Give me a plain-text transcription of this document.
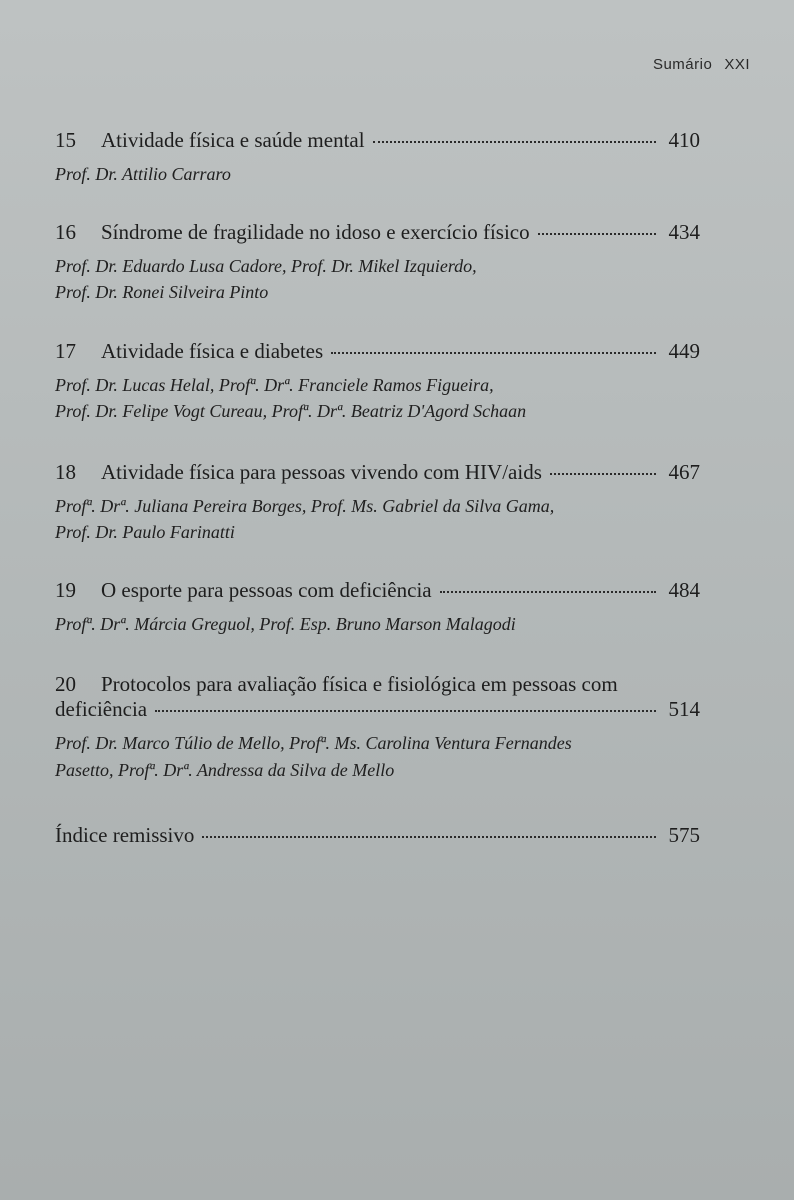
Sumário XXI
15	Atividade física e saúde mental	410
Prof. Dr. Attilio Carraro
16	Síndrome de fragilidade no idoso e exercício físico	434
Prof. Dr. Eduardo Lusa Cadore, Prof. Dr. Mikel Izquierdo,
Prof. Dr. Ronei Silveira Pinto
17	Atividade física e diabetes	449
Prof. Dr. Lucas Helal, Profª. Drª. Franciele Ramos Figueira,
Prof. Dr. Felipe Vogt Cureau, Profª. Drª. Beatriz D'Agord Schaan
18	Atividade física para pessoas vivendo com HIV/aids	467
Profª. Drª. Juliana Pereira Borges, Prof. Ms. Gabriel da Silva Gama,
Prof. Dr. Paulo Farinatti
19	O esporte para pessoas com deficiência	484
Profª. Drª. Márcia Greguol, Prof. Esp. Bruno Marson Malagodi
20	Protocolos para avaliação física e fisiológica em pessoas com
deficiência	514
Prof. Dr. Marco Túlio de Mello, Profª. Ms. Carolina Ventura Fernandes
Pasetto, Profª. Drª. Andressa da Silva de Mello
Índice remissivo	575
